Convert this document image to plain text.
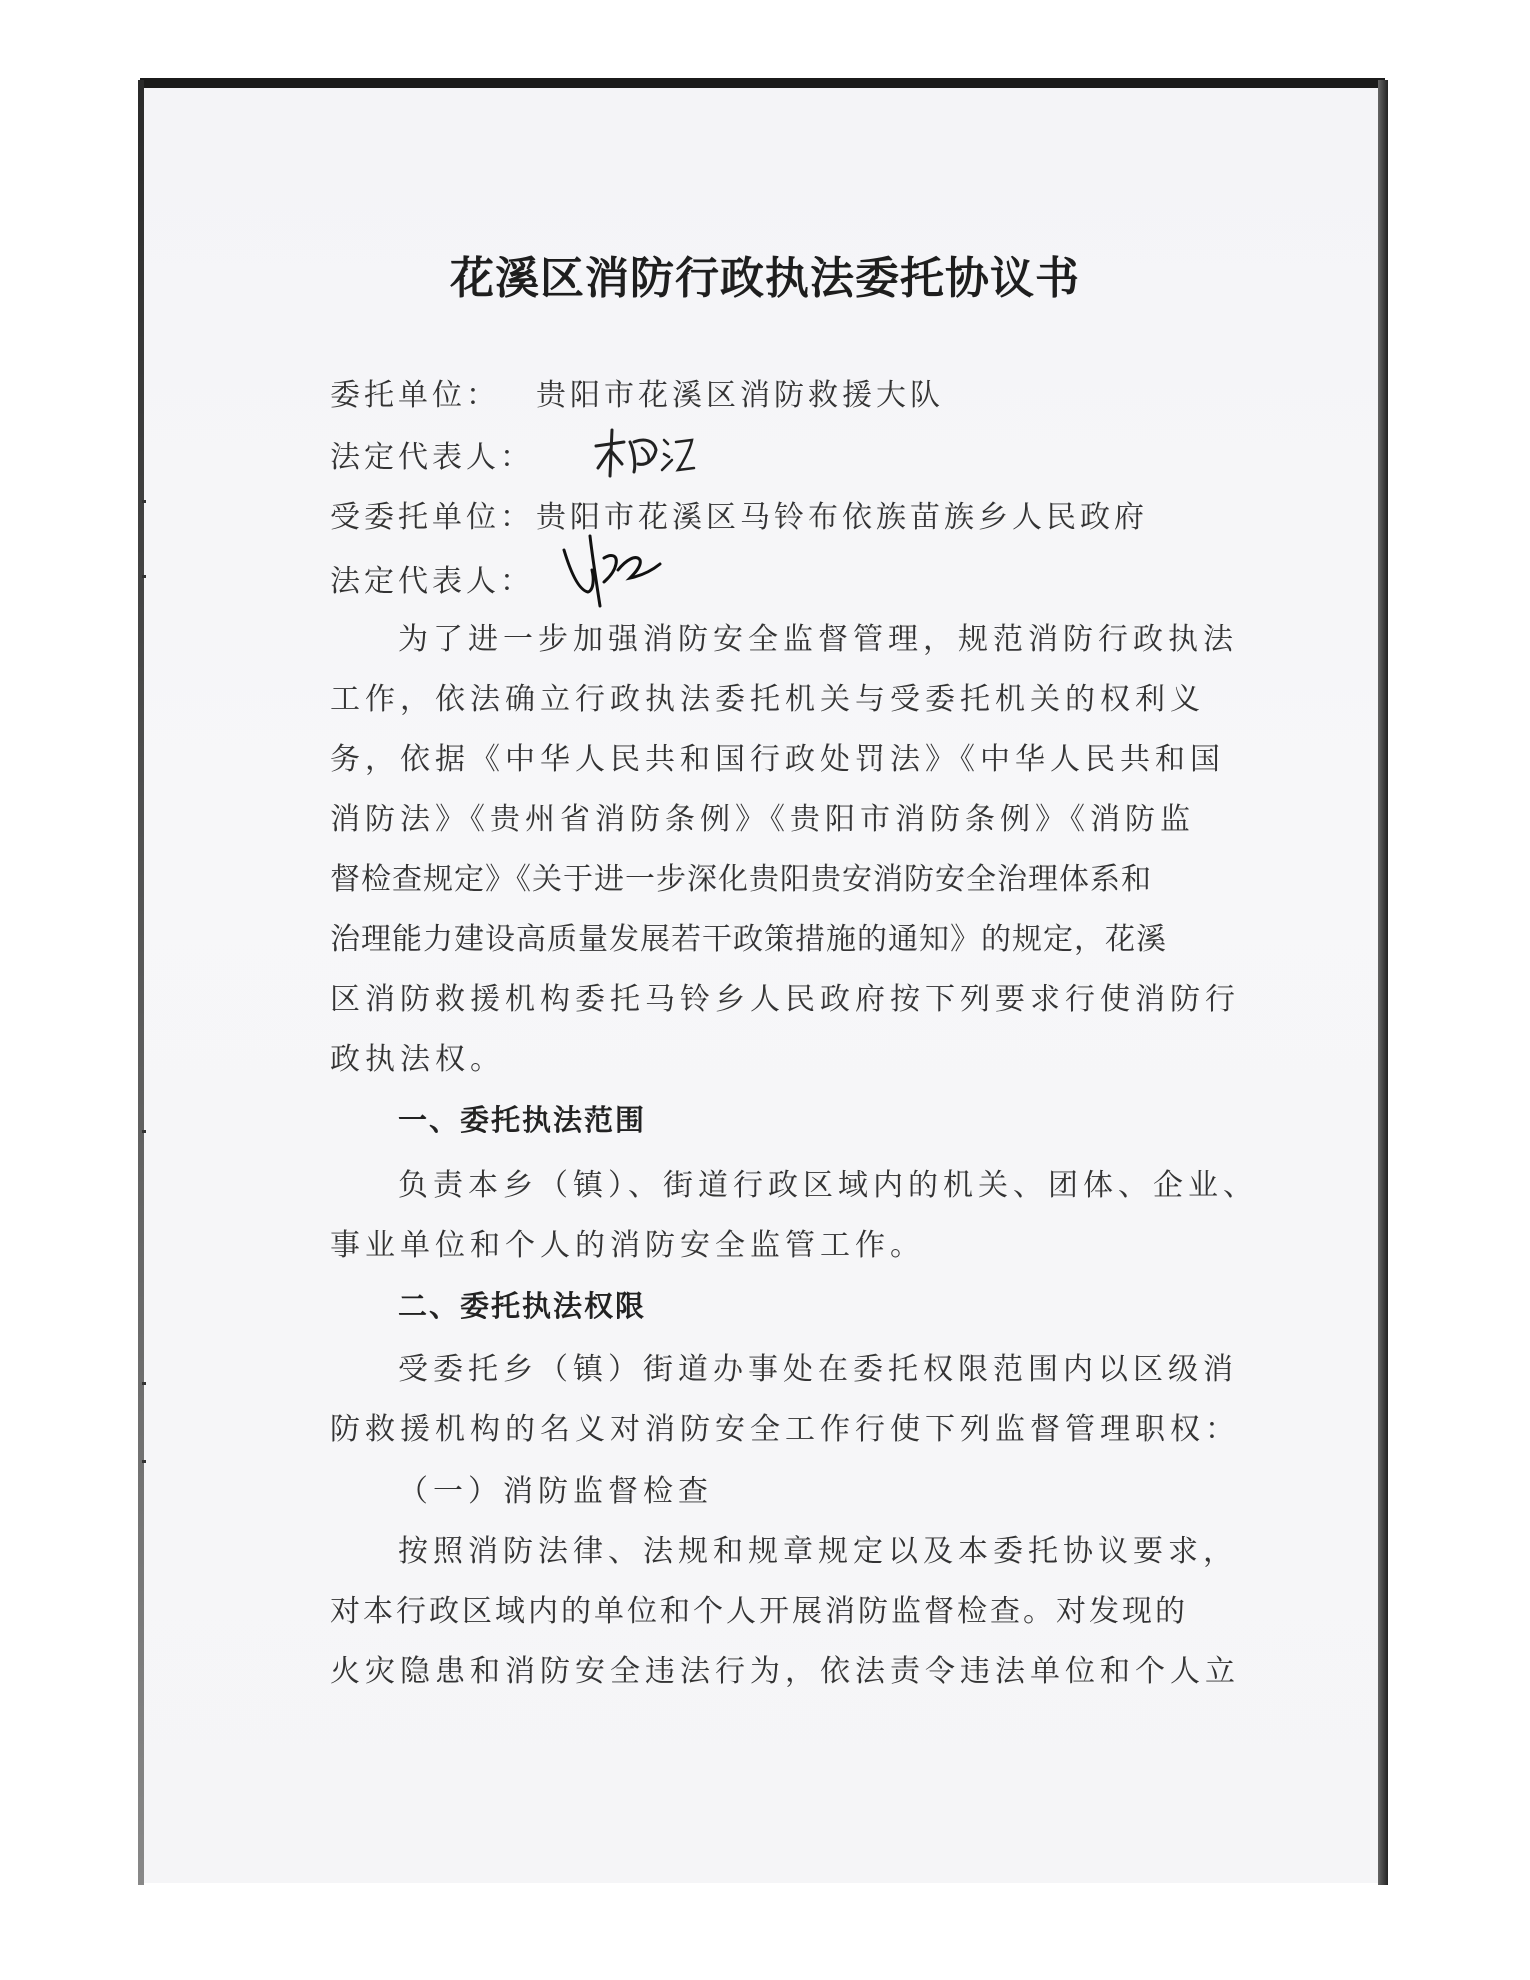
花溪区消防行政执法委托协议书
委托单位： 贵阳市花溪区消防救援大队
法定代表人：
受委托单位： 贵阳市花溪区马铃布依族苗族乡人民政府
法定代表人：
为了进一步加强消防安全监督管理，规范消防行政执法
工作，依法确立行政执法委托机关与受委托机关的权利义
务，依据《中华人民共和国行政处罚法》《中华人民共和国
消防法》《贵州省消防条例》《贵阳市消防条例》《消防监
督检查规定》《关于进一步深化贵阳贵安消防安全治理体系和
治理能力建设高质量发展若干政策措施的通知》的规定，花溪
区消防救援机构委托马铃乡人民政府按下列要求行使消防行
政执法权。
一、委托执法范围
负责本乡（镇）、街道行政区域内的机关、团体、企业、
事业单位和个人的消防安全监管工作。
二、委托执法权限
受委托乡（镇）街道办事处在委托权限范围内以区级消
防救援机构的名义对消防安全工作行使下列监督管理职权：
（一）消防监督检查
按照消防法律、法规和规章规定以及本委托协议要求，
对本行政区域内的单位和个人开展消防监督检查。对发现的
火灾隐患和消防安全违法行为，依法责令违法单位和个人立
